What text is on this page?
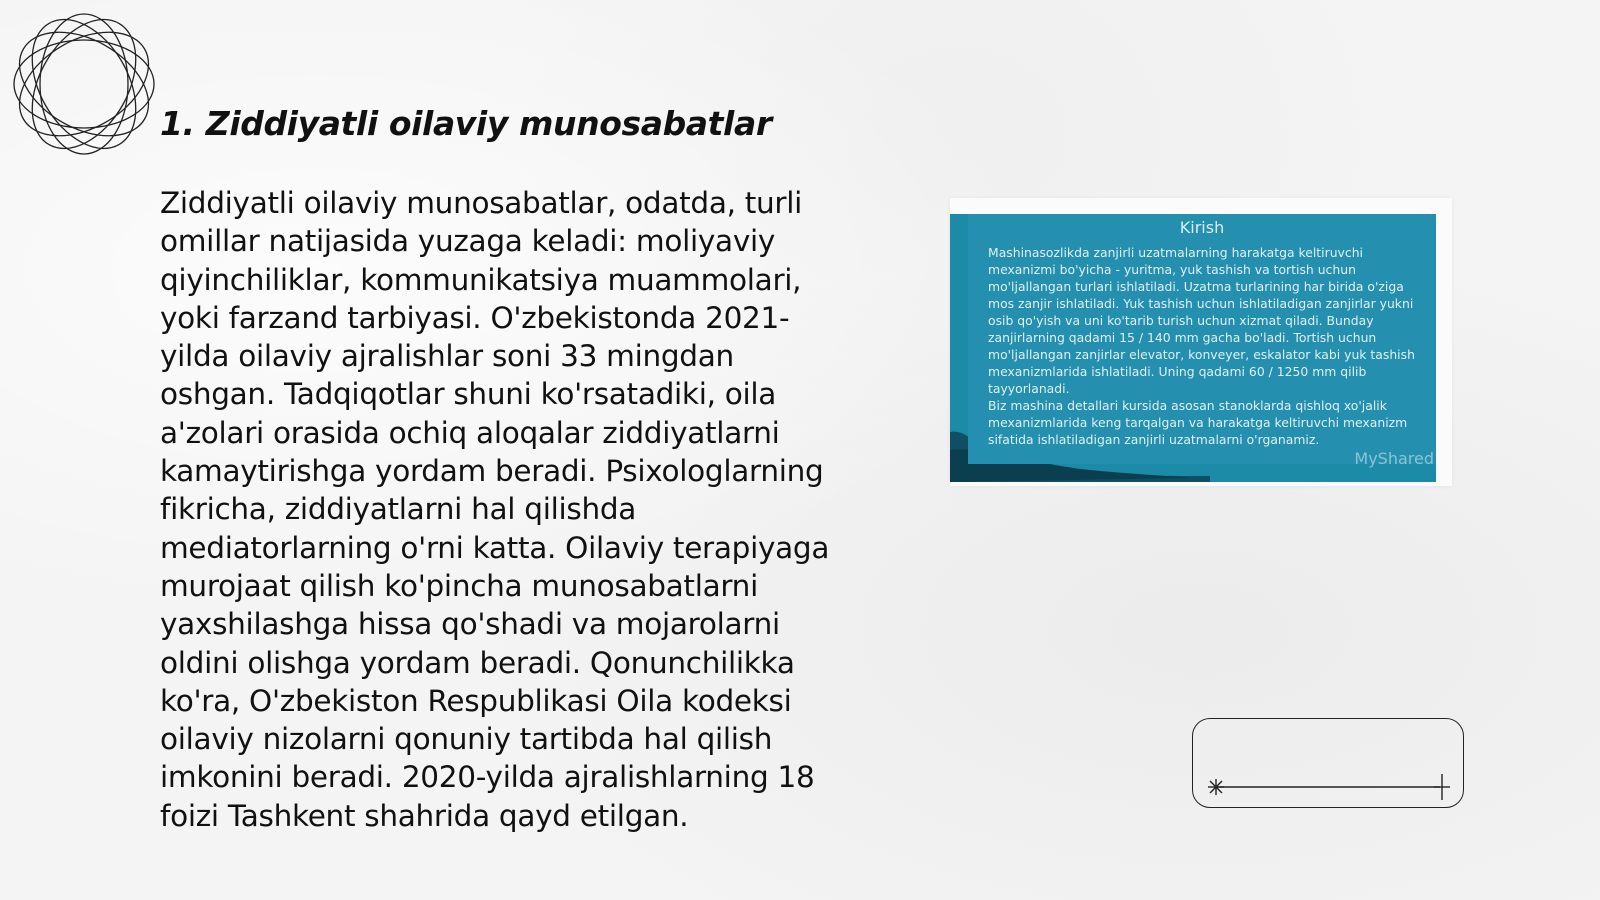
1. Ziddiyatli oilaviy munosabatlar

Ziddiyatli oilaviy munosabatlar, odatda, turli omillar natijasida yuzaga keladi: moliyaviy qiyinchiliklar, kommunikatsiya muammolari, yoki farzand tarbiyasi. O'zbekistonda 2021-yilda oilaviy ajralishlar soni 33 mingdan oshgan. Tadqiqotlar shuni ko'rsatadiki, oila a'zolari orasida ochiq aloqalar ziddiyatlarni kamaytirishga yordam beradi. Psixologlarning fikricha, ziddiyatlarni hal qilishda mediatorlarning o'rni katta. Oilaviy terapiyaga murojaat qilish ko'pincha munosabatlarni yaxshilashga hissa qo'shadi va mojarolarni oldini olishga yordam beradi. Qonunchilikka ko'ra, O'zbekiston Respublikasi Oila kodeksi oilaviy nizolarni qonuniy tartibda hal qilish imkonini beradi. 2020-yilda ajralishlarning 18 foizi Tashkent shahrida qayd etilgan.

Kirish

Mashinasozlikda zanjirli uzatmalarning harakatga keltiruvchi mexanizmi bo'yicha - yuritma, yuk tashish va tortish uchun mo'ljallangan turlari ishlatiladi. Uzatma turlarining har birida o'ziga mos zanjir ishlatiladi. Yuk tashish uchun ishlatiladigan zanjirlar yukni osib qo'yish va uni ko'tarib turish uchun xizmat qiladi. Bunday zanjirlarning qadami 15 / 140 mm gacha bo'ladi. Tortish uchun mo'ljallangan zanjirlar elevator, konveyer, eskalator kabi yuk tashish mexanizmlarida ishlatiladi. Uning qadami 60 / 1250 mm qilib tayyorlanadi.
Biz mashina detallari kursida asosan stanoklarda qishloq xo'jalik mexanizmlarida keng tarqalgan va harakatga keltiruvchi mexanizm sifatida ishlatiladigan zanjirli uzatmalarni o'rganamiz.

MyShared
